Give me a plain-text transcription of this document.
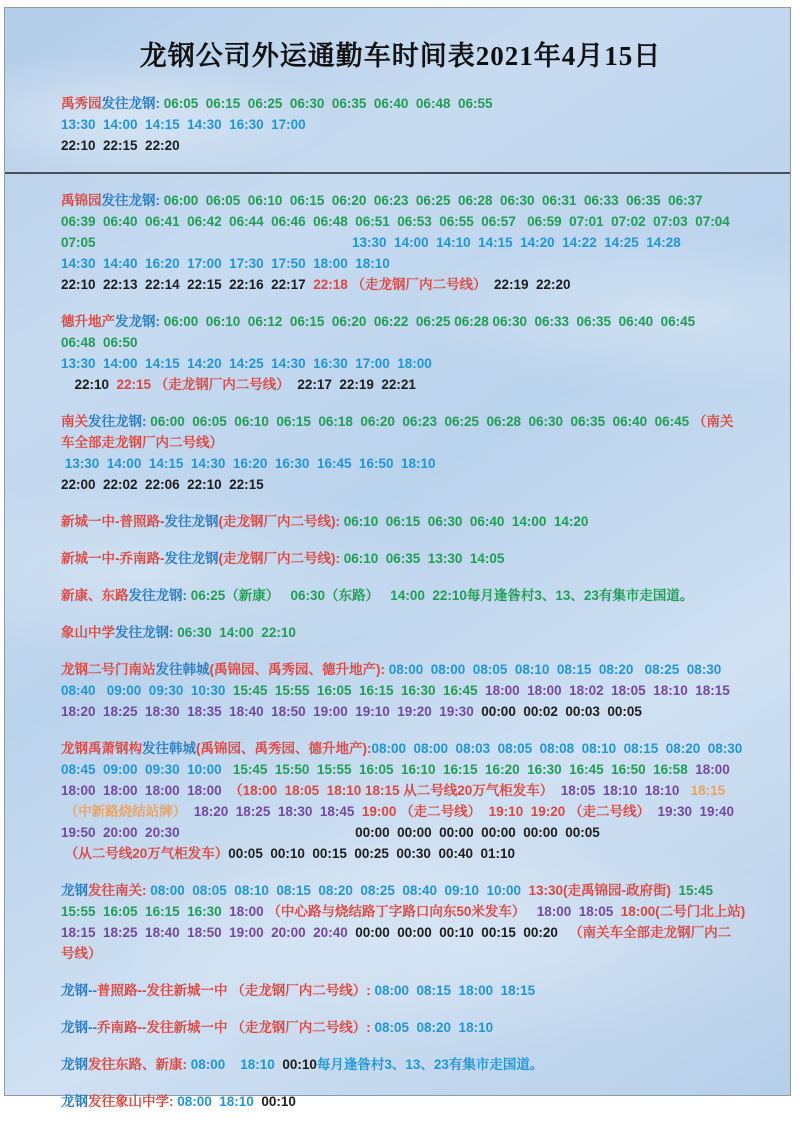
龙钢公司外运通勤车时间表2021年4月15日
禹秀园发往龙钢: 06:05  06:15  06:25  06:30  06:35  06:40  06:48  06:55
13:30  14:00  14:15  14:30  16:30  17:00
22:10  22:15  22:20
禹锦园发往龙钢: 06:00  06:05  06:10  06:15  06:20  06:23  06:25  06:28  06:30  06:31  06:33  06:35  06:37
06:39  06:40  06:41  06:42  06:44  06:46  06:48  06:51  06:53  06:55  06:57   06:59  07:01  07:02  07:03  07:04
07:05　　　　　　　　　　　　　　　　　　　	13:30  14:00  14:10  14:15  14:20  14:22  14:25  14:28
14:30  14:40  16:20  17:00  17:30  17:50  18:00  18:10
22:10  22:13  22:14  22:15  22:16  22:17  22:18 （走龙钢厂内二号线）  22:19  22:20
德升地产发龙钢: 06:00  06:10  06:12  06:15  06:20  06:22  06:25 06:28 06:30  06:33  06:35  06:40  06:45
06:48  06:50
13:30  14:00  14:15  14:20  14:25  14:30  16:30  17:00  18:00
　22:10  22:15 （走龙钢厂内二号线）  22:17  22:19  22:21
南关发往龙钢: 06:00  06:05  06:10  06:15  06:18  06:20  06:23  06:25  06:28  06:30  06:35  06:40  06:45 （南关
车全部走龙钢厂内二号线）
13:30  14:00  14:15  14:30  16:20  16:30  16:45  16:50  18:10
22:00  22:02  22:06  22:10  22:15
新城一中-普照路-发往龙钢(走龙钢厂内二号线): 06:10  06:15  06:30  06:40  14:00  14:20
新城一中-乔南路-发往龙钢(走龙钢厂内二号线): 06:10  06:35  13:30  14:05
新康、东路发往龙钢: 06:25（新康）   06:30（东路）   14:00  22:10每月逢昝村3、13、23有集市走国道。
象山中学发往龙钢: 06:30  14:00  22:10
龙钢二号门南站发往韩城(禹锦园、禹秀园、德升地产): 08:00  08:00  08:05  08:10  08:15  08:20   08:25  08:30
08:40   09:00  09:30  10:30  15:45  15:55  16:05  16:15  16:30  16:45  18:00  18:00  18:02  18:05  18:10  18:15
18:20  18:25  18:30  18:35  18:40  18:50  19:00  19:10  19:20  19:30  00:00  00:02  00:03  00:05
龙钢禹萧钢构发往韩城(禹锦园、禹秀园、德升地产):08:00  08:00  08:03  08:05  08:08  08:10  08:15  08:20  08:30
08:45  09:00  09:30  10:00   15:45  15:50  15:55  16:05  16:10  16:15  16:20  16:30  16:45  16:50  16:58  18:00
18:00  18:00  18:00  18:00  （18:00  18:05  18:10 18:15 从二号线20万气柜发车）  18:05  18:10  18:10   18:15
（中新路烧结站牌）  18:20  18:25  18:30  18:45  19:00 （走二号线）  19:10  19:20 （走二号线）  19:30  19:40
19:50  20:00  20:30　　　　　　　　　　　　　	00:00  00:00  00:00  00:00  00:00  00:05
（从二号线20万气柜发车）00:05  00:10  00:15  00:25  00:30  00:40  01:10
龙钢发往南关: 08:00  08:05  08:10  08:15  08:20  08:25  08:40  09:10  10:00  13:30(走禹锦园-政府街)  15:45
15:55  16:05  16:15  16:30  18:00 （中心路与烧结路丁字路口向东50米发车）   18:00  18:05  18:00(二号门北上站)
18:15  18:25  18:40  18:50  19:00  20:00  20:40  00:00  00:00  00:10  00:15  00:20   （南关车全部走龙钢厂内二
号线）
龙钢--普照路--发往新城一中 （走龙钢厂内二号线）: 08:00  08:15  18:00  18:15
龙钢--乔南路--发往新城一中 （走龙钢厂内二号线）: 08:05  08:20  18:10
龙钢发往东路、新康: 08:00    18:10  00:10每月逢昝村3、13、23有集市走国道。
龙钢发往象山中学: 08:00  18:10  00:10
